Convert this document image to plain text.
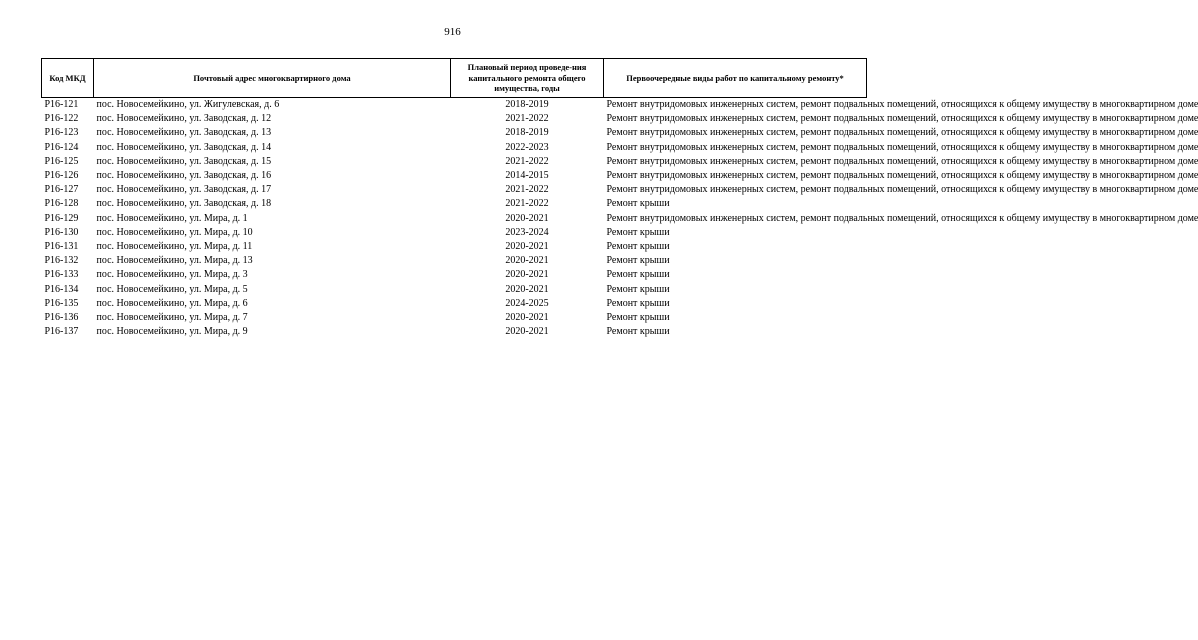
916
Код МКД	Почтовый адрес многоквартирного дома	Плановый период проведе-ния капитального ремонта общего имущества, годы	Первоочередные виды работ по капитальному ремонту*
Р16-121	пос. Новосемейкино, ул. Жигулевская, д. 6	2018-2019	Ремонт внутридомовых инженерных систем, ремонт подвальных помещений, относящихся к общему имуществу в многоквартирном доме

Р16-122	пос. Новосемейкино, ул. Заводская, д. 12	2021-2022	Ремонт внутридомовых инженерных систем, ремонт подвальных помещений, относящихся к общему имуществу в многоквартирном доме

Р16-123	пос. Новосемейкино, ул. Заводская, д. 13	2018-2019	Ремонт внутридомовых инженерных систем, ремонт подвальных помещений, относящихся к общему имуществу в многоквартирном доме

Р16-124	пос. Новосемейкино, ул. Заводская, д. 14	2022-2023	Ремонт внутридомовых инженерных систем, ремонт подвальных помещений, относящихся к общему имуществу в многоквартирном доме

Р16-125	пос. Новосемейкино, ул. Заводская, д. 15	2021-2022	Ремонт внутридомовых инженерных систем, ремонт подвальных помещений, относящихся к общему имуществу в многоквартирном доме

Р16-126	пос. Новосемейкино, ул. Заводская, д. 16	2014-2015	Ремонт внутридомовых инженерных систем, ремонт подвальных помещений, относящихся к общему имуществу в многоквартирном доме

Р16-127	пос. Новосемейкино, ул. Заводская, д. 17	2021-2022	Ремонт внутридомовых инженерных систем, ремонт подвальных помещений, относящихся к общему имуществу в многоквартирном доме

Р16-128	пос. Новосемейкино, ул. Заводская, д. 18	2021-2022	Ремонт крыши

Р16-129	пос. Новосемейкино, ул. Мира, д. 1	2020-2021	Ремонт внутридомовых инженерных систем, ремонт подвальных помещений, относящихся к общему имуществу в многоквартирном доме

Р16-130	пос. Новосемейкино, ул. Мира, д. 10	2023-2024	Ремонт крыши

Р16-131	пос. Новосемейкино, ул. Мира, д. 11	2020-2021	Ремонт крыши

Р16-132	пос. Новосемейкино, ул. Мира, д. 13	2020-2021	Ремонт крыши

Р16-133	пос. Новосемейкино, ул. Мира, д. 3	2020-2021	Ремонт крыши

Р16-134	пос. Новосемейкино, ул. Мира, д. 5	2020-2021	Ремонт крыши

Р16-135	пос. Новосемейкино, ул. Мира, д. 6	2024-2025	Ремонт крыши

Р16-136	пос. Новосемейкино, ул. Мира, д. 7	2020-2021	Ремонт крыши

Р16-137	пос. Новосемейкино, ул. Мира, д. 9	2020-2021	Ремонт крыши
